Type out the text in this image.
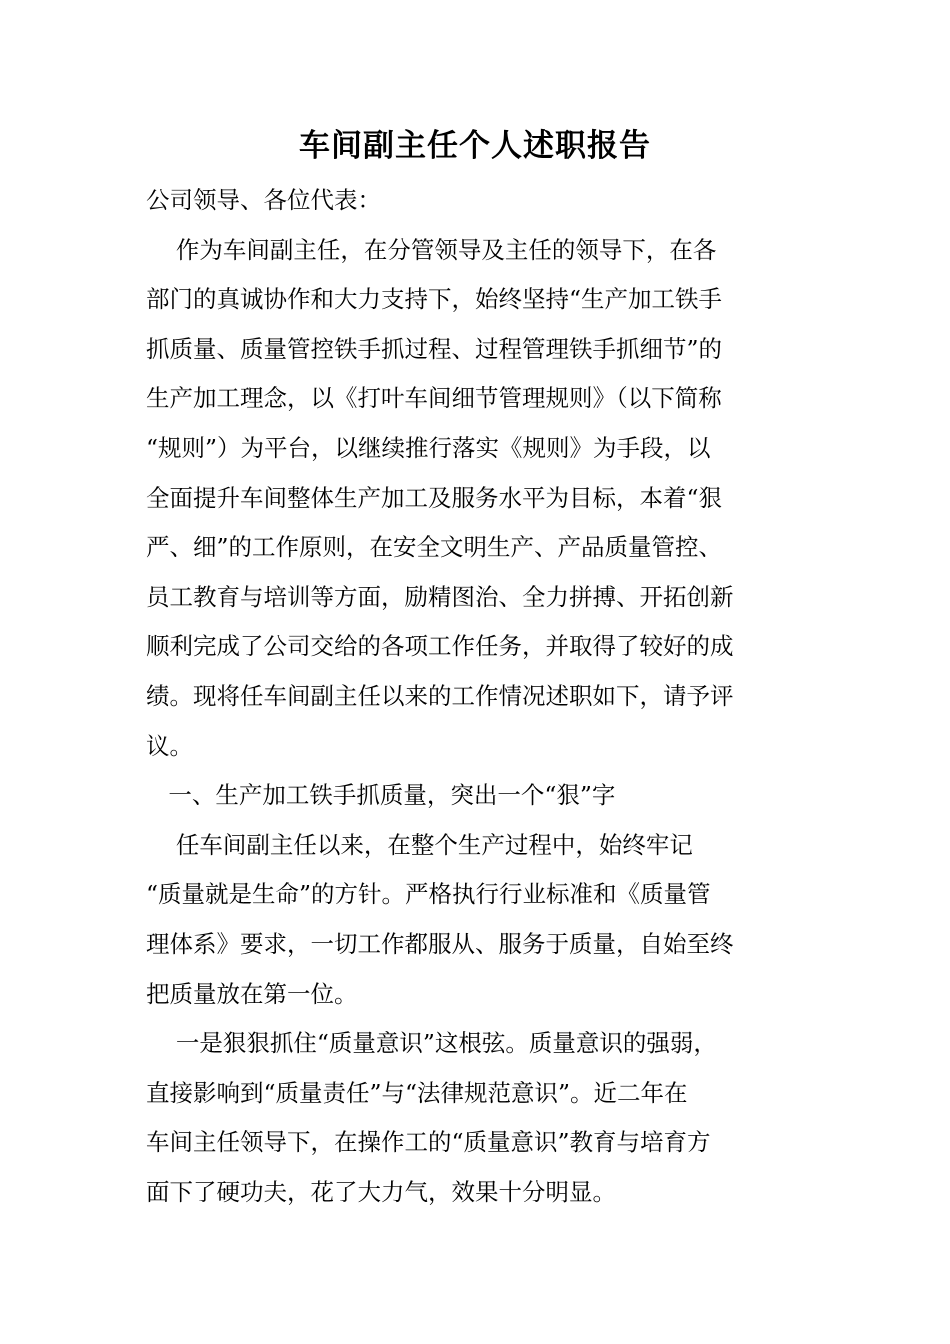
车间副主任个人述职报告
公司领导、各位代表：
作为车间副主任，在分管领导及主任的领导下，在各
部门的真诚协作和大力支持下，始终坚持“生产加工铁手
抓质量、质量管控铁手抓过程、过程管理铁手抓细节”的
生产加工理念，以《打叶车间细节管理规则》（以下简称
“规则”）为平台，以继续推行落实《规则》为手段，以
全面提升车间整体生产加工及服务水平为目标，本着“狠
严、细”的工作原则，在安全文明生产、产品质量管控、
员工教育与培训等方面，励精图治、全力拼搏、开拓创新
顺利完成了公司交给的各项工作任务，并取得了较好的成
绩。现将任车间副主任以来的工作情况述职如下，请予评
议。
一、生产加工铁手抓质量，突出一个“狠”字
任车间副主任以来，在整个生产过程中，始终牢记
“质量就是生命”的方针。严格执行行业标准和《质量管
理体系》要求，一切工作都服从、服务于质量，自始至终
把质量放在第一位。
一是狠狠抓住“质量意识”这根弦。质量意识的强弱，
直接影响到“质量责任”与“法律规范意识”。近二年在
车间主任领导下，在操作工的“质量意识”教育与培育方
面下了硬功夫，花了大力气，效果十分明显。
